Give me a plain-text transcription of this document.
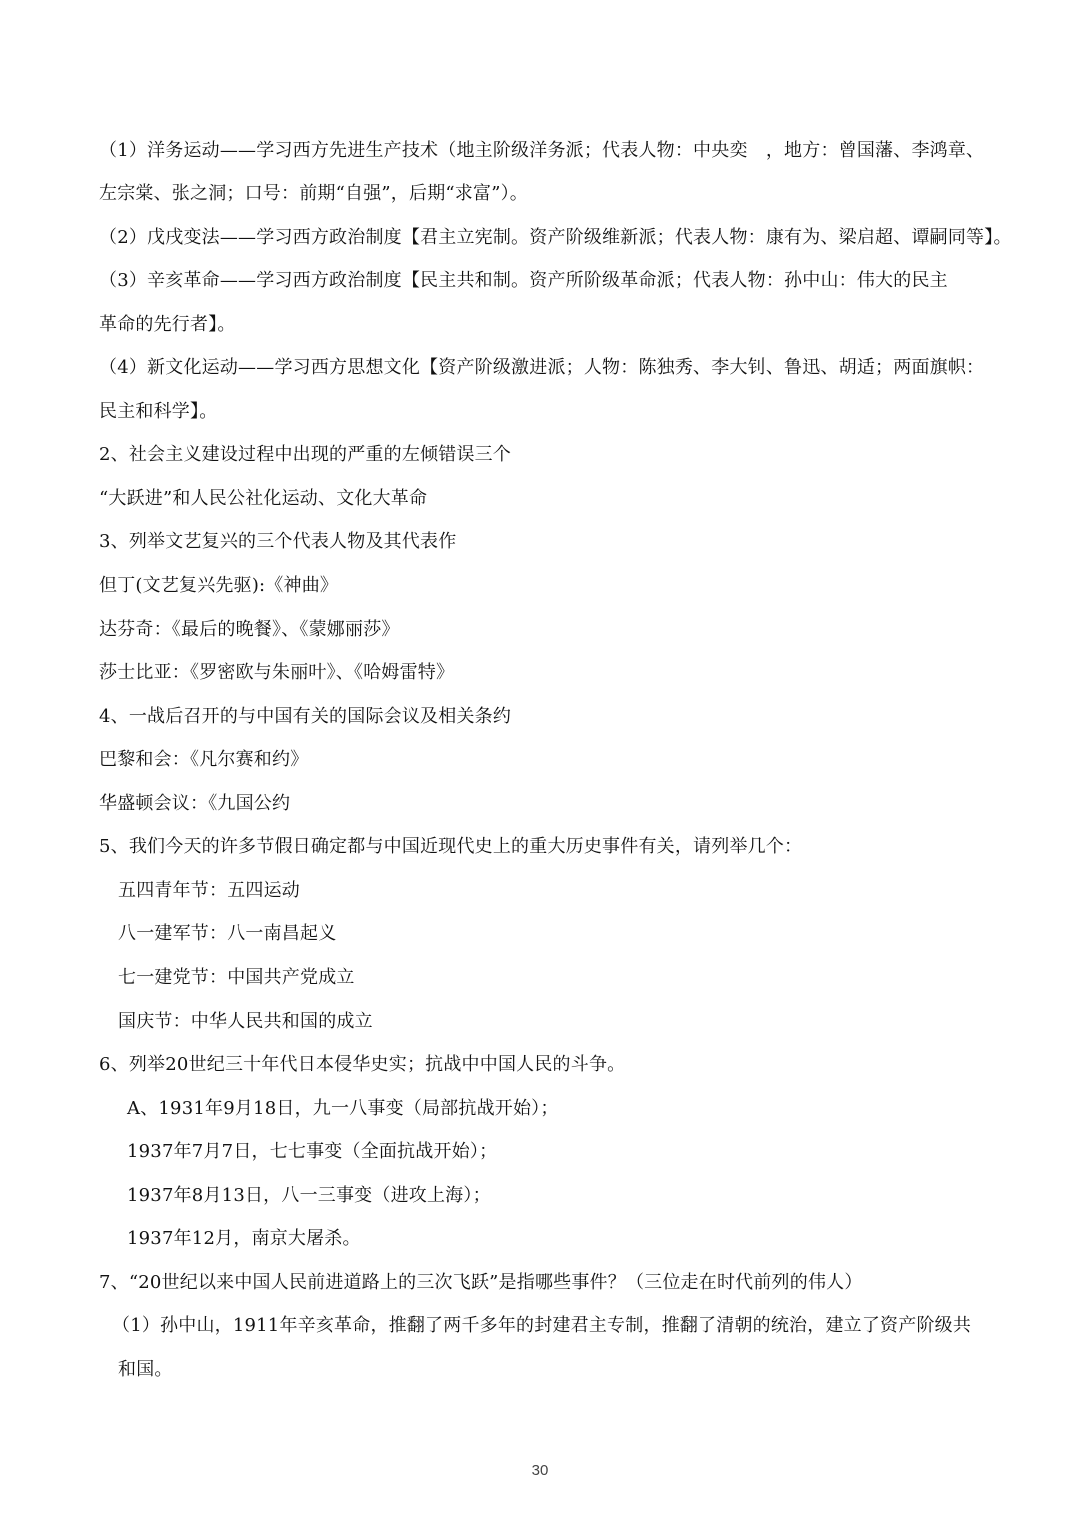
（1）洋务运动——学习西方先进生产技术（地主阶级洋务派；代表人物：中央奕　，地方：曾国藩、李鸿章、
左宗棠、张之洞；口号：前期“自强”，后期“求富”）。
（2）戊戌变法——学习西方政治制度【君主立宪制。资产阶级维新派；代表人物：康有为、梁启超、谭嗣同等】。
（3）辛亥革命——学习西方政治制度【民主共和制。资产所阶级革命派；代表人物：孙中山：伟大的民主
革命的先行者】。
（4）新文化运动——学习西方思想文化【资产阶级激进派；人物：陈独秀、李大钊、鲁迅、胡适；两面旗帜：
民主和科学】。
2、社会主义建设过程中出现的严重的左倾错误三个
“大跃进”和人民公社化运动、文化大革命
3、列举文艺复兴的三个代表人物及其代表作
但丁(文艺复兴先驱):《神曲》
达芬奇：《最后的晚餐》、《蒙娜丽莎》
莎士比亚：《罗密欧与朱丽叶》、《哈姆雷特》
4、一战后召开的与中国有关的国际会议及相关条约
巴黎和会：《凡尔赛和约》
华盛顿会议：《九国公约
5、我们今天的许多节假日确定都与中国近现代史上的重大历史事件有关，请列举几个：
五四青年节：五四运动
八一建军节：八一南昌起义
七一建党节：中国共产党成立
国庆节：中华人民共和国的成立
6、列举20世纪三十年代日本侵华史实；抗战中中国人民的斗争。
A、1931年9月18日，九一八事变（局部抗战开始）；
1937年7月7日，七七事变（全面抗战开始）；
1937年8月13日，八一三事变（进攻上海）；
1937年12月，南京大屠杀。
7、“20世纪以来中国人民前进道路上的三次飞跃”是指哪些事件？（三位走在时代前列的伟人）
（1）孙中山，1911年辛亥革命，推翻了两千多年的封建君主专制，推翻了清朝的统治，建立了资产阶级共
和国。
30
